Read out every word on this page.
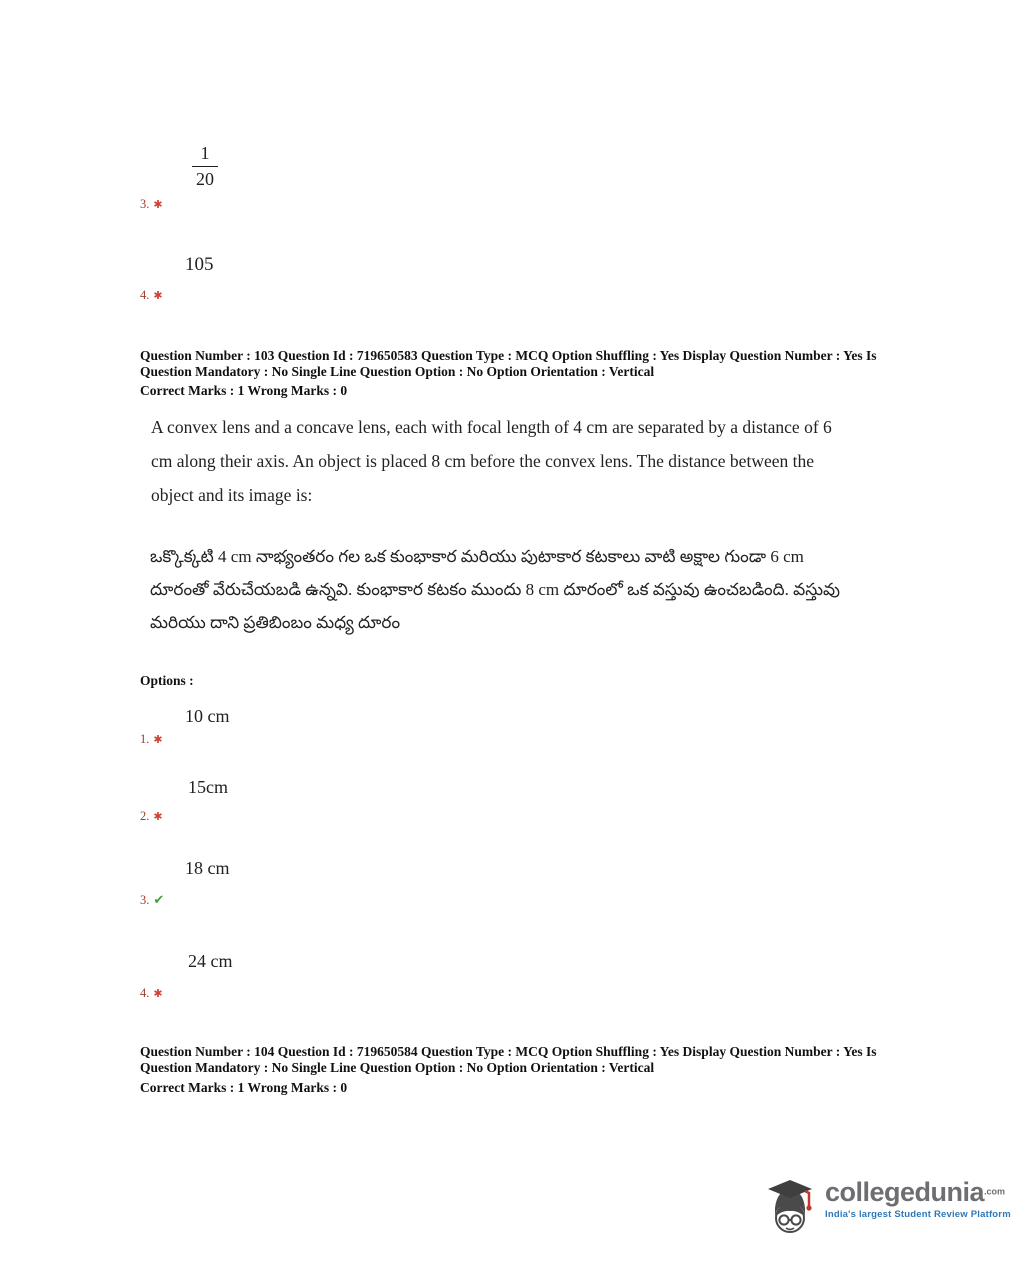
$\frac{1}{20}$
3. ✱
105
4. ✱
Question Number : 103 Question Id : 719650583 Question Type : MCQ Option Shuffling : Yes Display Question Number : Yes Is Question Mandatory : No Single Line Question Option : No Option Orientation : Vertical
Correct Marks : 1 Wrong Marks : 0
A convex lens and a concave lens, each with focal length of 4 cm are separated by a distance of 6 cm along their axis. An object is placed 8 cm before the convex lens. The distance between the object and its image is:
ఒక్కొక్కటి 4 cm నాభ్యంతరం గల ఒక కుంభాకార మరియు పుటాకార కటకాలు వాటి అక్షాల గుండా 6 cm దూరంతో వేరుచేయబడి ఉన్నవి. కుంభాకార కటకం ముందు 8 cm దూరంలో ఒక వస్తువు ఉంచబడింది. వస్తువు మరియు దాని ప్రతిబింబం మధ్య దూరం
Options :
10 cm
1. ✱
15cm
2. ✱
18 cm
3. ✔
24 cm
4. ✱
Question Number : 104 Question Id : 719650584 Question Type : MCQ Option Shuffling : Yes Display Question Number : Yes Is Question Mandatory : No Single Line Question Option : No Option Orientation : Vertical
Correct Marks : 1 Wrong Marks : 0
collegedunia$^{.com}$
India's largest Student Review Platform
